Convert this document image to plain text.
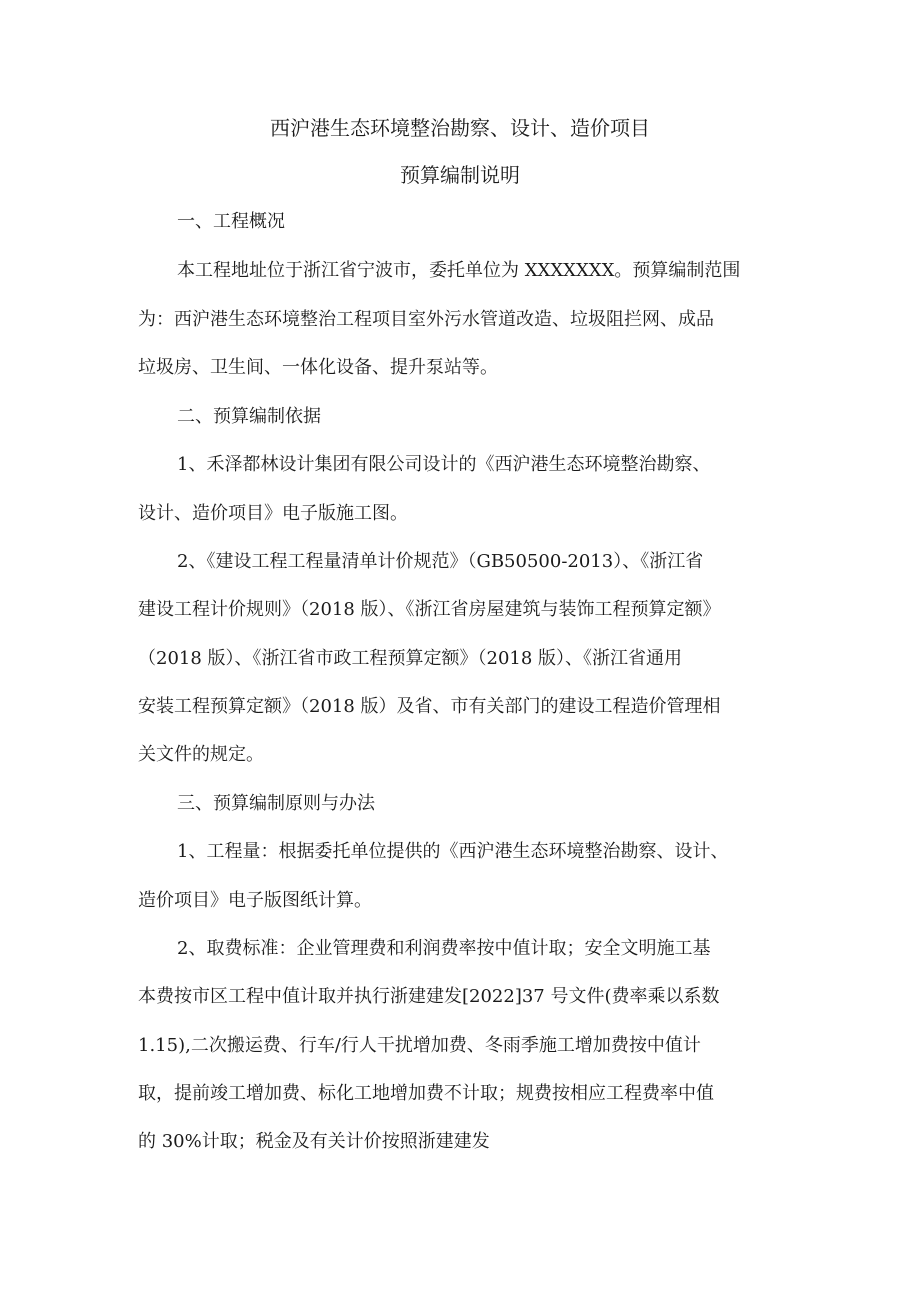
西沪港生态环境整治勘察、设计、造价项目
预算编制说明
一、工程概况
本工程地址位于浙江省宁波市，委托单位为 XXXXXXX。预算编制范围
为：西沪港生态环境整治工程项目室外污水管道改造、垃圾阻拦网、成品
垃圾房、卫生间、一体化设备、提升泵站等。
二、预算编制依据
1、禾泽都林设计集团有限公司设计的《西沪港生态环境整治勘察、
设计、造价项目》电子版施工图。
2、《建设工程工程量清单计价规范》（GB50500-2013）、《浙江省
建设工程计价规则》（2018 版）、《浙江省房屋建筑与装饰工程预算定额》
（2018 版）、《浙江省市政工程预算定额》（2018 版）、《浙江省通用
安装工程预算定额》（2018 版）及省、市有关部门的建设工程造价管理相
关文件的规定。
三、预算编制原则与办法
1、工程量：根据委托单位提供的《西沪港生态环境整治勘察、设计、
造价项目》电子版图纸计算。
2、取费标准：企业管理费和利润费率按中值计取；安全文明施工基
本费按市区工程中值计取并执行浙建建发[2022]37 号文件(费率乘以系数
1.15),二次搬运费、行车/行人干扰增加费、冬雨季施工增加费按中值计
取，提前竣工增加费、标化工地增加费不计取；规费按相应工程费率中值
的 30%计取；税金及有关计价按照浙建建发
